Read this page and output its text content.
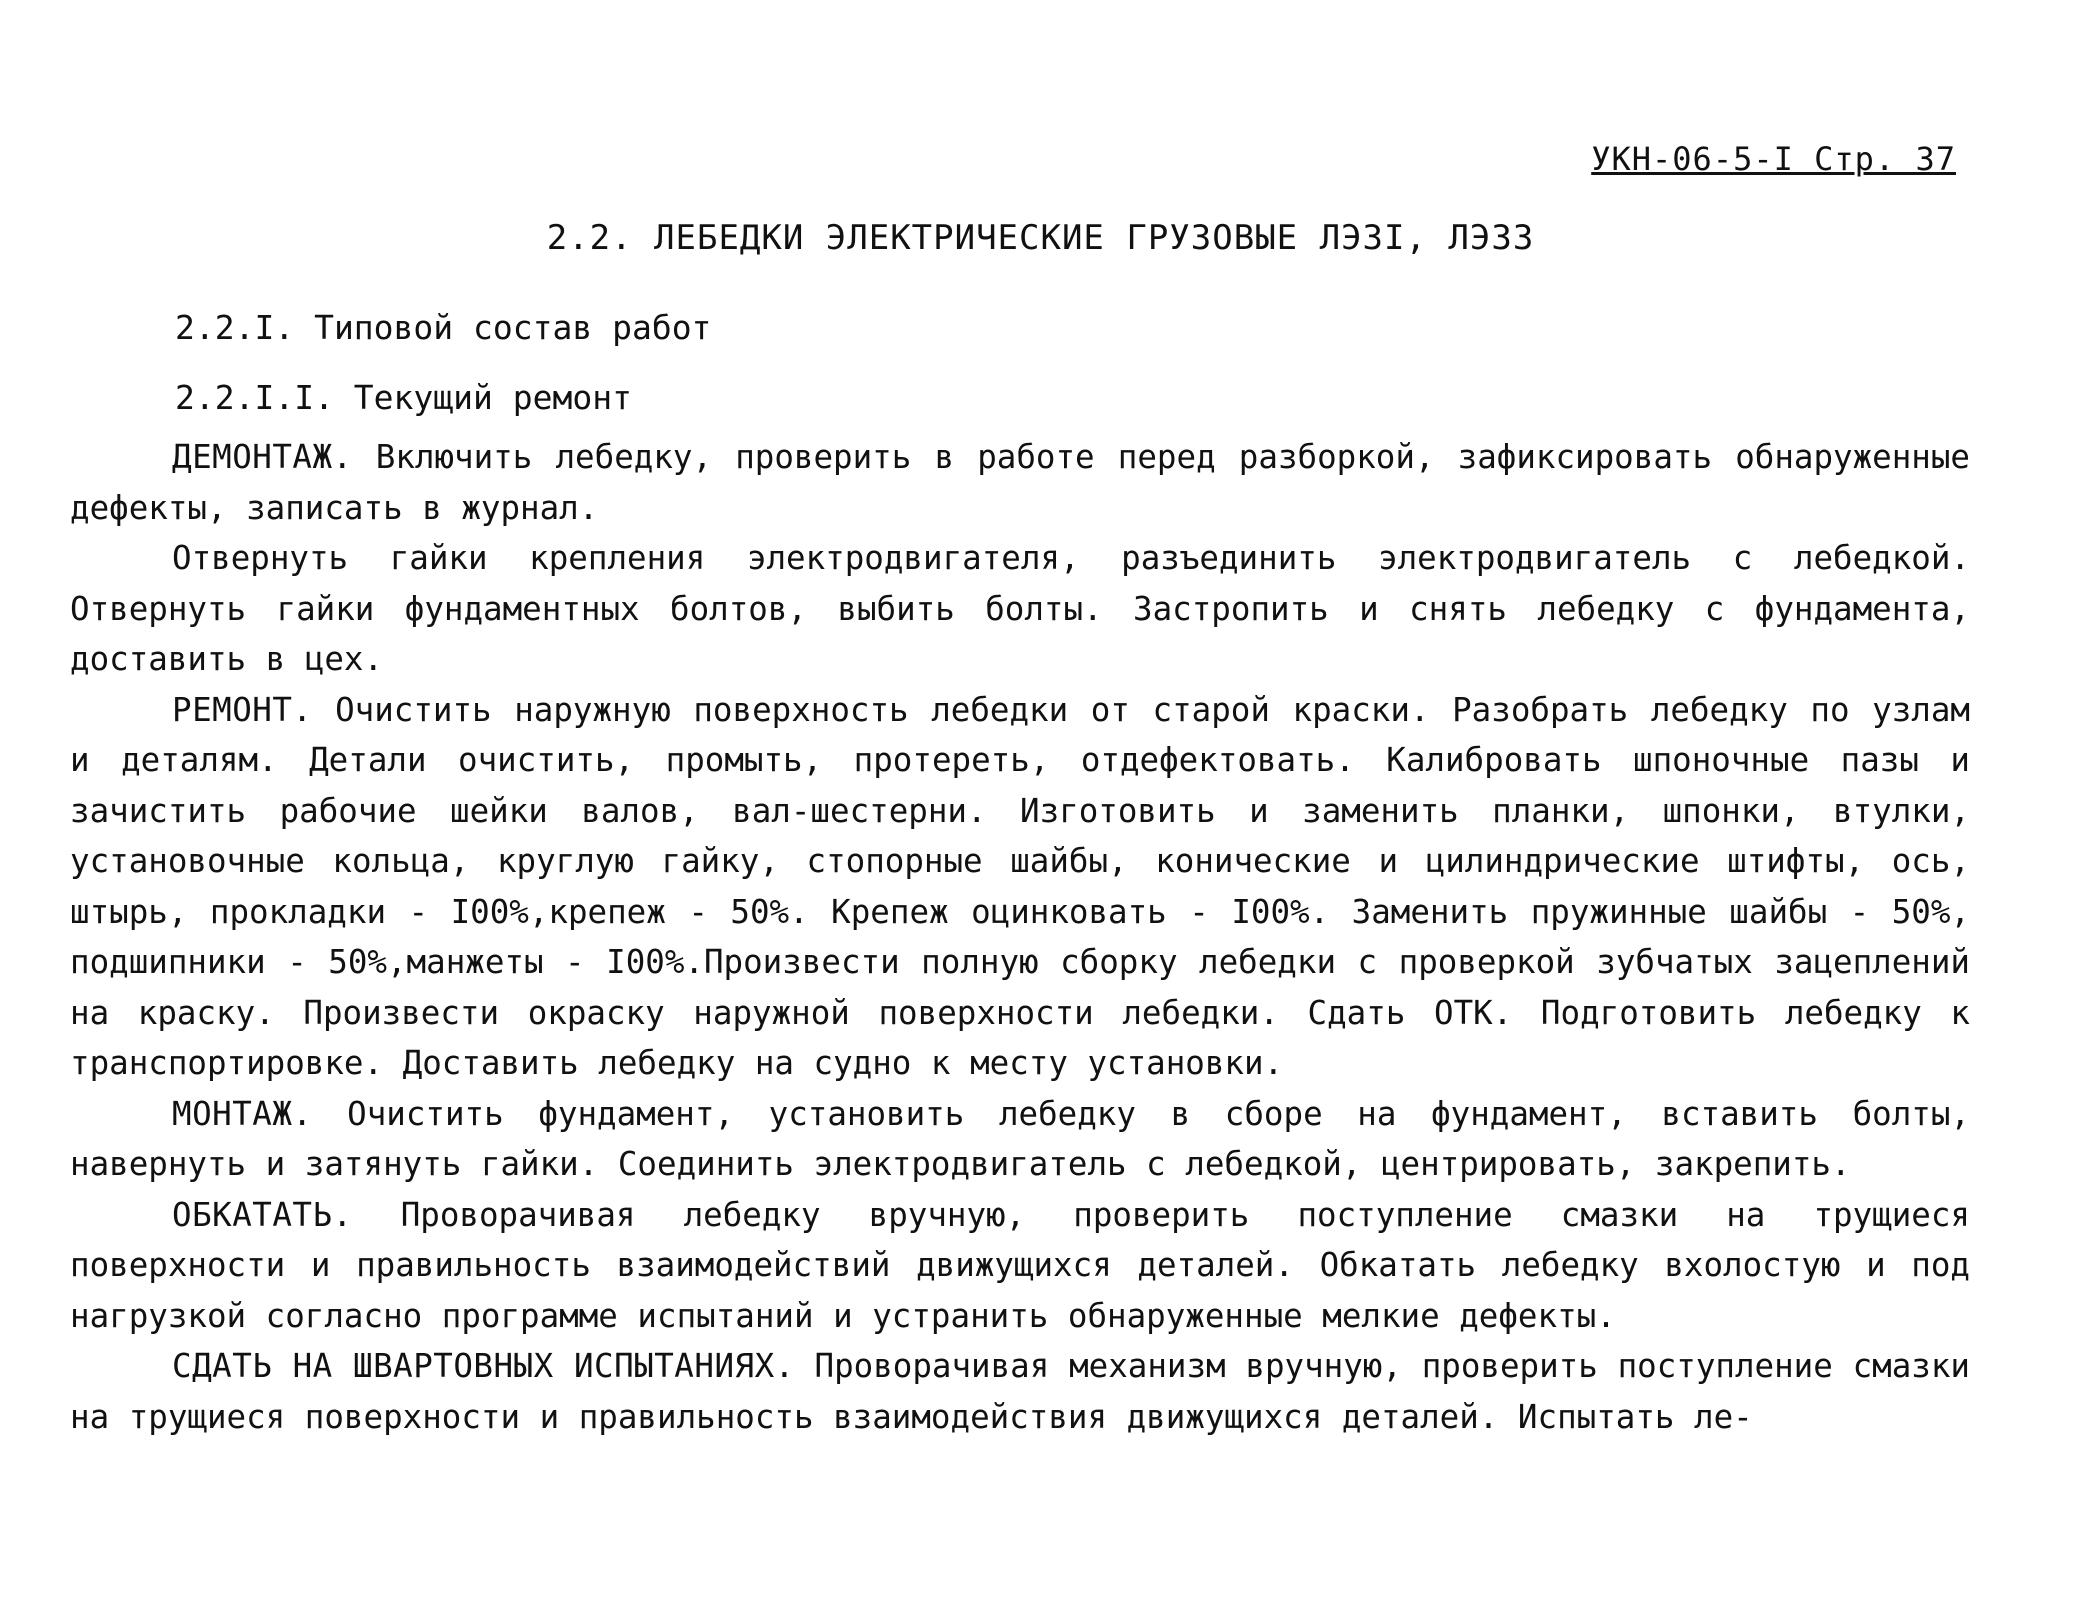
УКН-06-5-I Стр. 37
2.2. ЛЕБЕДКИ ЭЛЕКТРИЧЕСКИЕ ГРУЗОВЫЕ ЛЭ3I, ЛЭ33
2.2.I. Типовой состав работ
2.2.I.I. Текущий ремонт

ДЕМОНТАЖ. Включить лебедку, проверить в работе перед разборкой, зафиксировать обнаруженные дефекты, записать в журнал.

Отвернуть гайки крепления электродвигателя, разъединить электродвигатель с лебедкой. Отвернуть гайки фундаментных болтов, выбить болты. Застропить и снять лебедку с фундамента, доставить в цех.

РЕМОНТ. Очистить наружную поверхность лебедки от старой краски. Разобрать лебедку по узлам и деталям. Детали очистить, промыть, протереть, отдефектовать. Калибровать шпоночные пазы и зачистить рабочие шейки валов, вал-шестерни. Изготовить и заменить планки, шпонки, втулки, установочные кольца, круглую гайку, стопорные шайбы, конические и цилиндрические штифты, ось, штырь, прокладки - I00%,крепеж - 50%. Крепеж оцинковать - I00%. Заменить пружинные шайбы - 50%, подшипники - 50%,манжеты - I00%.Произвести полную сборку лебедки с проверкой зубчатых зацеплений на краску. Произвести окраску наружной поверхности лебедки. Сдать ОТК. Подготовить лебедку к транспортировке. Доставить лебедку на судно к месту установки.

МОНТАЖ. Очистить фундамент, установить лебедку в сборе на фундамент, вставить болты, навернуть и затянуть гайки. Соединить электродвигатель с лебедкой, центрировать, закрепить.

ОБКАТАТЬ. Проворачивая лебедку вручную, проверить поступление смазки на трущиеся поверхности и правильность взаимодействий движущихся деталей. Обкатать лебедку вхолостую и под нагрузкой согласно программе испытаний и устранить обнаруженные мелкие дефекты.

СДАТЬ НА ШВАРТОВНЫХ ИСПЫТАНИЯХ. Проворачивая механизм вручную, проверить поступление смазки на трущиеся поверхности и правильность взаимодействия движущихся деталей. Испытать ле-
